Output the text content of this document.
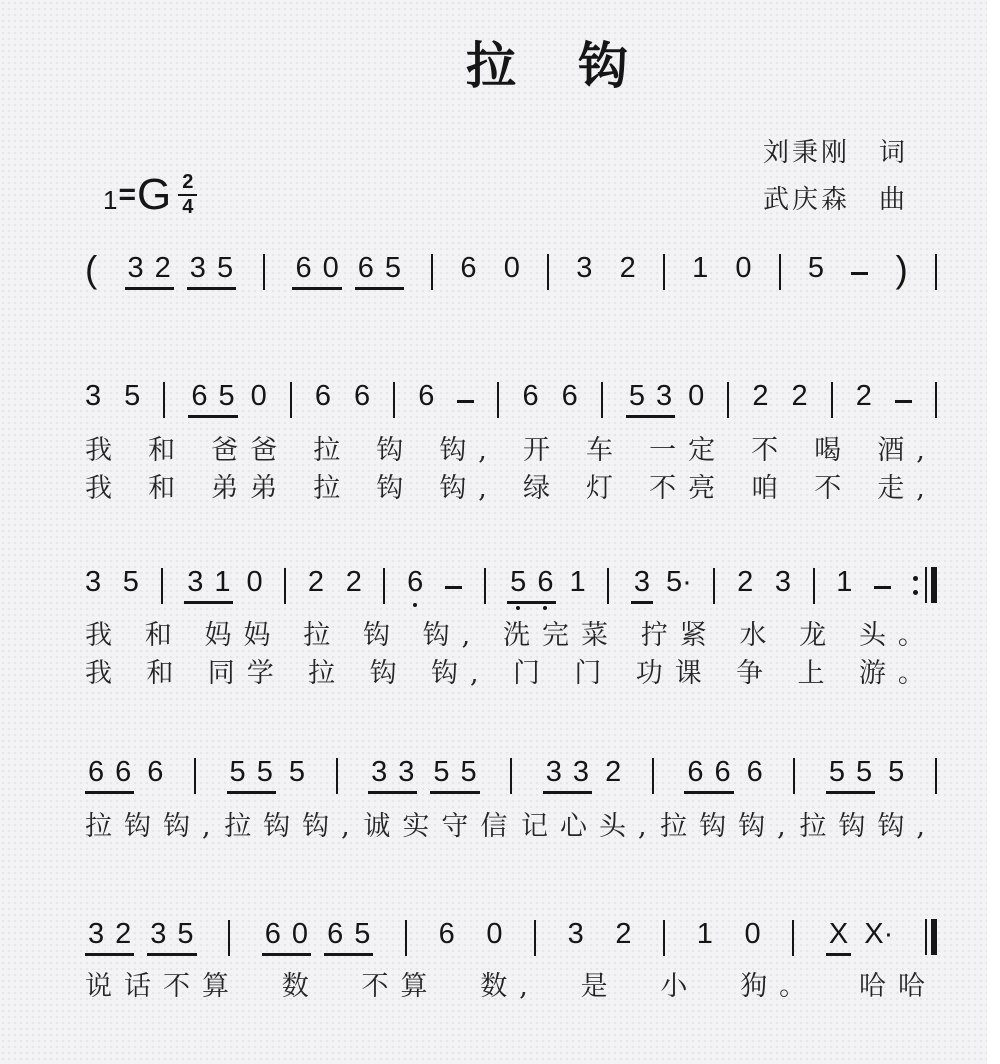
拉　钩
刘秉刚　词
武庆森　曲
1 = G $\frac{2}{4}$
( 3 2 3 5 6 0 6 5 6 0 3 2 1 0 5 )
3 5 6 5 0 6 6 6	6 6 5 3 0 2 2 2
我 和 爸爸 拉 钩 钩, 开 车 一定 不 喝 酒,
我 和 弟弟 拉 钩 钩, 绿 灯 不亮 咱 不 走,
3 5 3 1 0 2 2 6	5 6 1 3 5· 2 3 1
我 和 妈妈 拉 钩 钩, 洗完菜 拧紧 水 龙 头。
我 和 同学 拉 钩 钩, 门 门 功课 争 上 游。
6 6 6 5 5 5 3 3 5 5 3 3 2 6 6 6 5 5 5
拉钩钩, 拉钩钩, 诚实守信 记心头, 拉钩钩, 拉钩钩,
3 2 3 5 6 0 6 5 6 0 3 2 1 0 X X·
说话不算 数 不算 数, 是 小 狗。 哈哈
